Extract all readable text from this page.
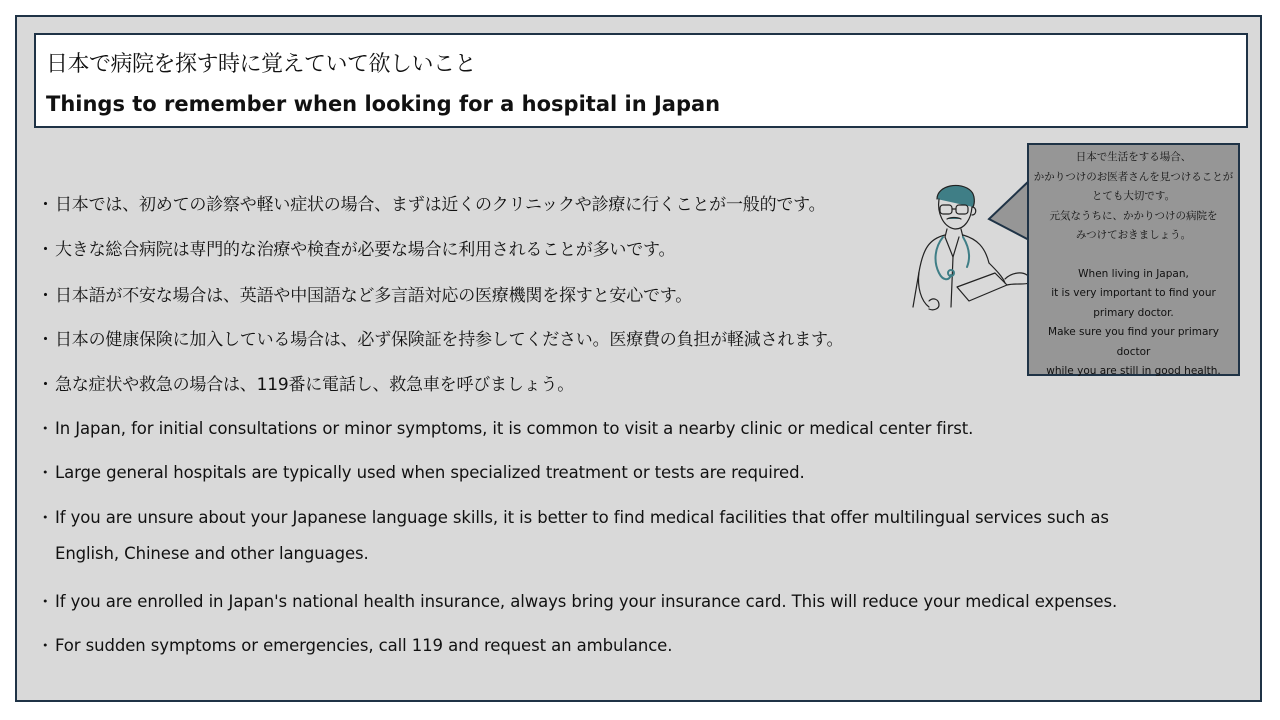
日本で病院を探す時に覚えていて欲しいこと
Things to remember when looking for a hospital in Japan
・日本では、初めての診察や軽い症状の場合、まずは近くのクリニックや診療に行くことが一般的です。
・大きな総合病院は専門的な治療や検査が必要な場合に利用されることが多いです。
・日本語が不安な場合は、英語や中国語など多言語対応の医療機関を探すと安心です。
・日本の健康保険に加入している場合は、必ず保険証を持参してください。医療費の負担が軽減されます。
・急な症状や救急の場合は、119番に電話し、救急車を呼びましょう。
・In Japan, for initial consultations or minor symptoms, it is common to visit a nearby clinic or medical center first.
・Large general hospitals are typically used when specialized treatment or tests are required.
・If you are unsure about your Japanese language skills, it is better to find medical facilities that offer multilingual services such as
English, Chinese and other languages.
・If you are enrolled in Japan's national health insurance, always bring your insurance card. This will reduce your medical expenses.
・For sudden symptoms or emergencies, call 119 and request an ambulance.

日本で生活をする場合、

かかりつけのお医者さんを見つけることが

とても大切です。

元気なうちに、かかりつけの病院を

みつけておきましょう。

When living in Japan,

it is very important to find your

primary doctor.

Make sure you find your primary

doctor

while you are still in good health.
